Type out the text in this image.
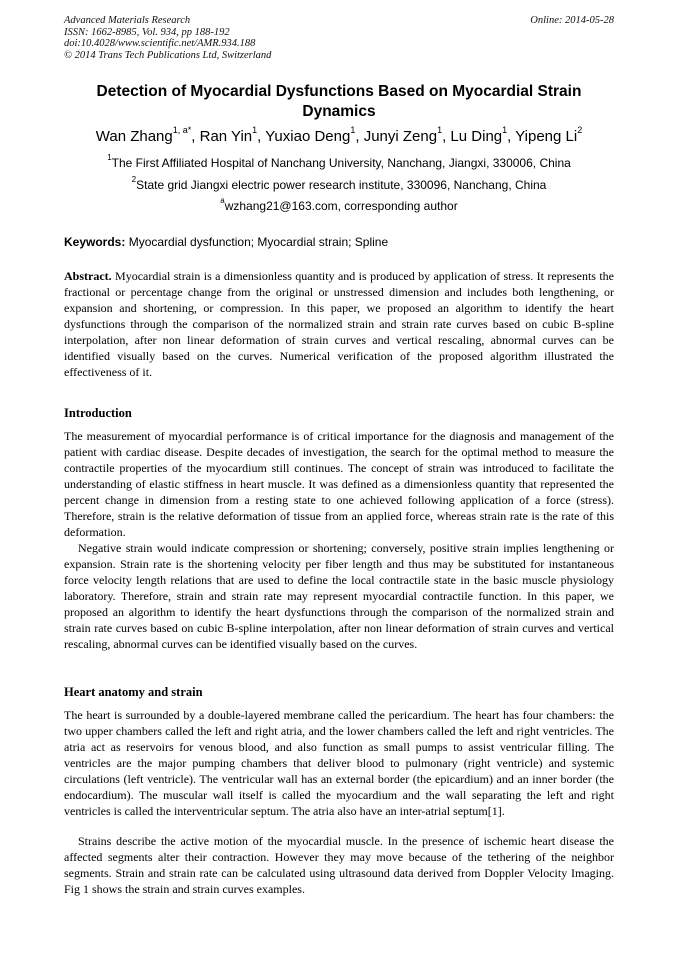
Advanced Materials Research
ISSN: 1662-8985, Vol. 934, pp 188-192
doi:10.4028/www.scientific.net/AMR.934.188
© 2014 Trans Tech Publications Ltd, Switzerland
Online: 2014-05-28
Detection of Myocardial Dysfunctions Based on Myocardial Strain Dynamics
Wan Zhang$^{1, a*}$, Ran Yin$^1$, Yuxiao Deng$^1$, Junyi Zeng$^1$, Lu Ding$^1$, Yipeng Li$^2$
$^1$The First Affiliated Hospital of Nanchang University, Nanchang, Jiangxi, 330006, China
$^2$State grid Jiangxi electric power research institute, 330096, Nanchang, China
$^a$wzhang21@163.com, corresponding author
Keywords: Myocardial dysfunction; Myocardial strain; Spline
Abstract. Myocardial strain is a dimensionless quantity and is produced by application of stress. It represents the fractional or percentage change from the original or unstressed dimension and includes both lengthening, or expansion and shortening, or compression. In this paper, we proposed an algorithm to identify the heart dysfunctions through the comparison of the normalized strain and strain rate curves based on cubic B-spline interpolation, after non linear deformation of strain curves and vertical rescaling, abnormal curves can be identified visually based on the curves. Numerical verification of the proposed algorithm illustrated the effectiveness of it.
Introduction
The measurement of myocardial performance is of critical importance for the diagnosis and management of the patient with cardiac disease. Despite decades of investigation, the search for the optimal method to measure the contractile properties of the myocardium still continues. The concept of strain was introduced to facilitate the understanding of elastic stiffness in heart muscle. It was defined as a dimensionless quantity that represented the percent change in dimension from a resting state to one achieved following application of a force (stress). Therefore, strain is the relative deformation of tissue from an applied force, whereas strain rate is the rate of this deformation.
Negative strain would indicate compression or shortening; conversely, positive strain implies lengthening or expansion. Strain rate is the shortening velocity per fiber length and thus may be substituted for instantaneous force velocity length relations that are used to define the local contractile state in the basic muscle physiology laboratory. Therefore, strain and strain rate may represent myocardial contractile function. In this paper, we proposed an algorithm to identify the heart dysfunctions through the comparison of the normalized strain and strain rate curves based on cubic B-spline interpolation, after non linear deformation of strain curves and vertical rescaling, abnormal curves can be identified visually based on the curves.
Heart anatomy and strain
The heart is surrounded by a double-layered membrane called the pericardium. The heart has four chambers: the two upper chambers called the left and right atria, and the lower chambers called the left and right ventricles. The atria act as reservoirs for venous blood, and also function as small pumps to assist ventricular filling. The ventricles are the major pumping chambers that deliver blood to pulmonary (right ventricle) and systemic circulations (left ventricle). The ventricular wall has an external border (the epicardium) and an inner border (the endocardium). The muscular wall itself is called the myocardium and the wall separating the left and right ventricles is called the interventricular septum. The atria also have an inter-atrial septum[1].
Strains describe the active motion of the myocardial muscle. In the presence of ischemic heart disease the affected segments alter their contraction. However they may move because of the tethering of the neighbor segments. Strain and strain rate can be calculated using ultrasound data derived from Doppler Velocity Imaging. Fig 1 shows the strain and strain curves examples.
